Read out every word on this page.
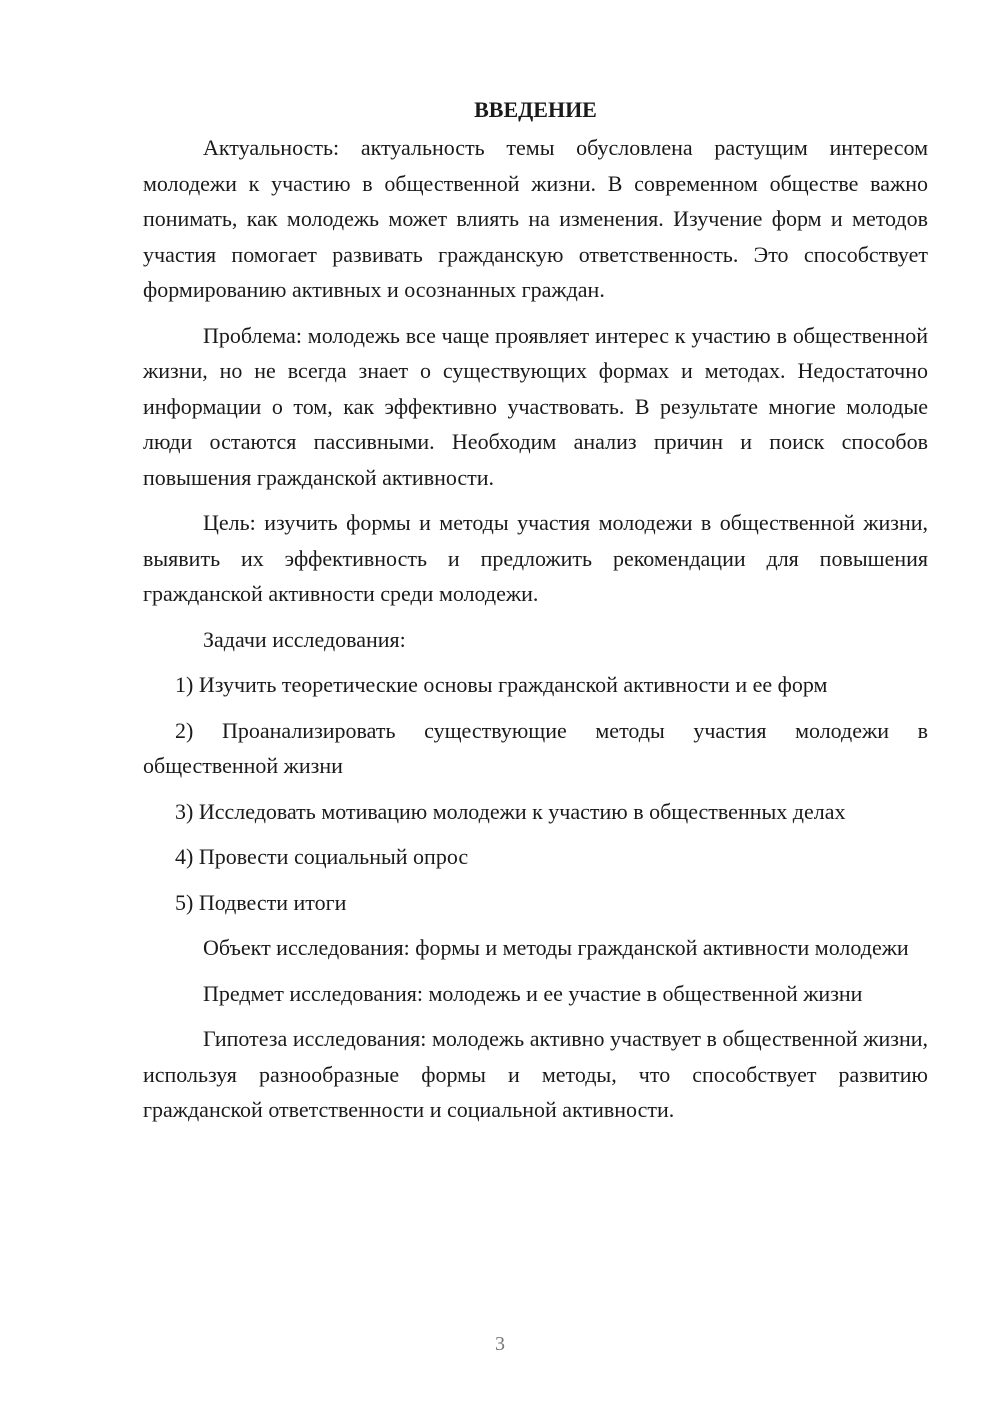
ВВЕДЕНИЕ

Актуальность: актуальность темы обусловлена растущим интересом молодежи к участию в общественной жизни. В современном обществе важно понимать, как молодежь может влиять на изменения. Изучение форм и методов участия помогает развивать гражданскую ответственность. Это способствует формированию активных и осознанных граждан.

Проблема: молодежь все чаще проявляет интерес к участию в общественной жизни, но не всегда знает о существующих формах и методах. Недостаточно информации о том, как эффективно участвовать. В результате многие молодые люди остаются пассивными. Необходим анализ причин и поиск способов повышения гражданской активности.

Цель: изучить формы и методы участия молодежи в общественной жизни, выявить их эффективность и предложить рекомендации для повышения гражданской активности среди молодежи.

Задачи исследования:

1) Изучить теоретические основы гражданской активности и ее форм

2) Проанализировать существующие методы участия молодежи в общественной жизни

3) Исследовать мотивацию молодежи к участию в общественных делах

4) Провести социальный опрос

5) Подвести итоги

Объект исследования: формы и методы гражданской активности молодежи

Предмет исследования: молодежь и ее участие в общественной жизни

Гипотеза исследования: молодежь активно участвует в общественной жизни, используя разнообразные формы и методы, что способствует развитию гражданской ответственности и социальной активности.

3
